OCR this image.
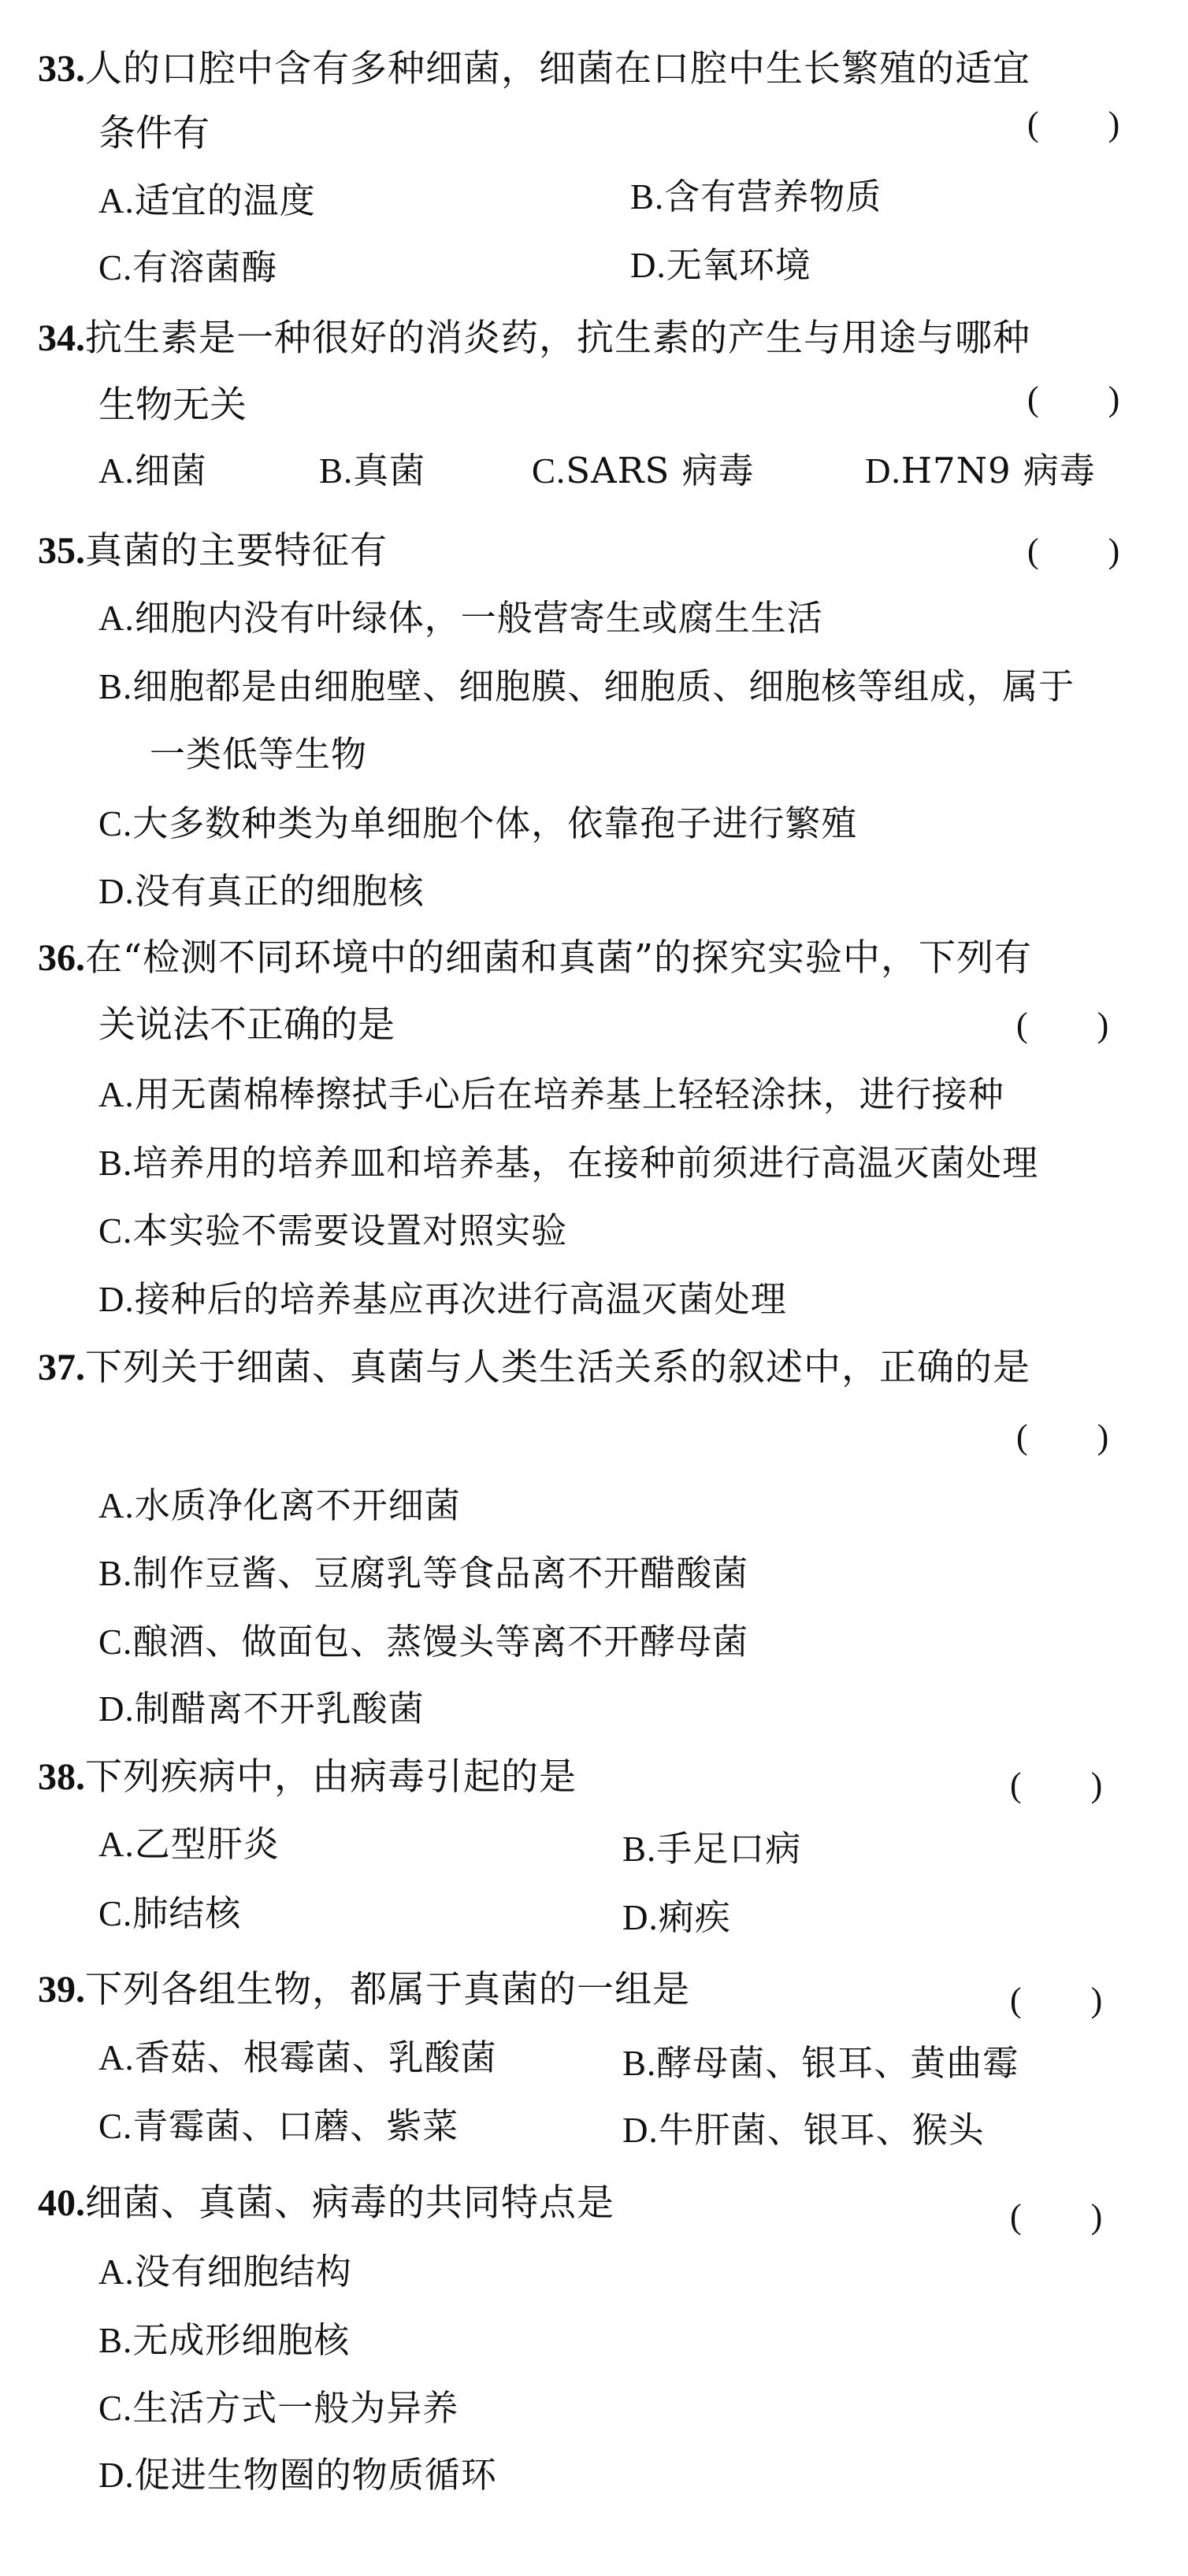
33.人的口腔中含有多种细菌，细菌在口腔中生长繁殖的适宜
条件有	(　　)
A.适宜的温度	B.含有营养物质
C.有溶菌酶	D.无氧环境
34.抗生素是一种很好的消炎药，抗生素的产生与用途与哪种
生物无关	(　　)
A.细菌	B.真菌	C.SARS 病毒	D.H7N9 病毒
35.真菌的主要特征有	(　　)
A.细胞内没有叶绿体，一般营寄生或腐生生活
B.细胞都是由细胞壁、细胞膜、细胞质、细胞核等组成，属于
一类低等生物
C.大多数种类为单细胞个体，依靠孢子进行繁殖
D.没有真正的细胞核
36.在“检测不同环境中的细菌和真菌”的探究实验中，下列有
关说法不正确的是	(　　)
A.用无菌棉棒擦拭手心后在培养基上轻轻涂抹，进行接种
B.培养用的培养皿和培养基，在接种前须进行高温灭菌处理
C.本实验不需要设置对照实验
D.接种后的培养基应再次进行高温灭菌处理
37.下列关于细菌、真菌与人类生活关系的叙述中，正确的是
(　　)
A.水质净化离不开细菌
B.制作豆酱、豆腐乳等食品离不开醋酸菌
C.酿酒、做面包、蒸馒头等离不开酵母菌
D.制醋离不开乳酸菌
38.下列疾病中，由病毒引起的是	(　　)
A.乙型肝炎	B.手足口病
C.肺结核	D.痢疾
39.下列各组生物，都属于真菌的一组是	(　　)
A.香菇、根霉菌、乳酸菌	B.酵母菌、银耳、黄曲霉
C.青霉菌、口蘑、紫菜	D.牛肝菌、银耳、猴头
40.细菌、真菌、病毒的共同特点是	(　　)
A.没有细胞结构
B.无成形细胞核
C.生活方式一般为异养
D.促进生物圈的物质循环
